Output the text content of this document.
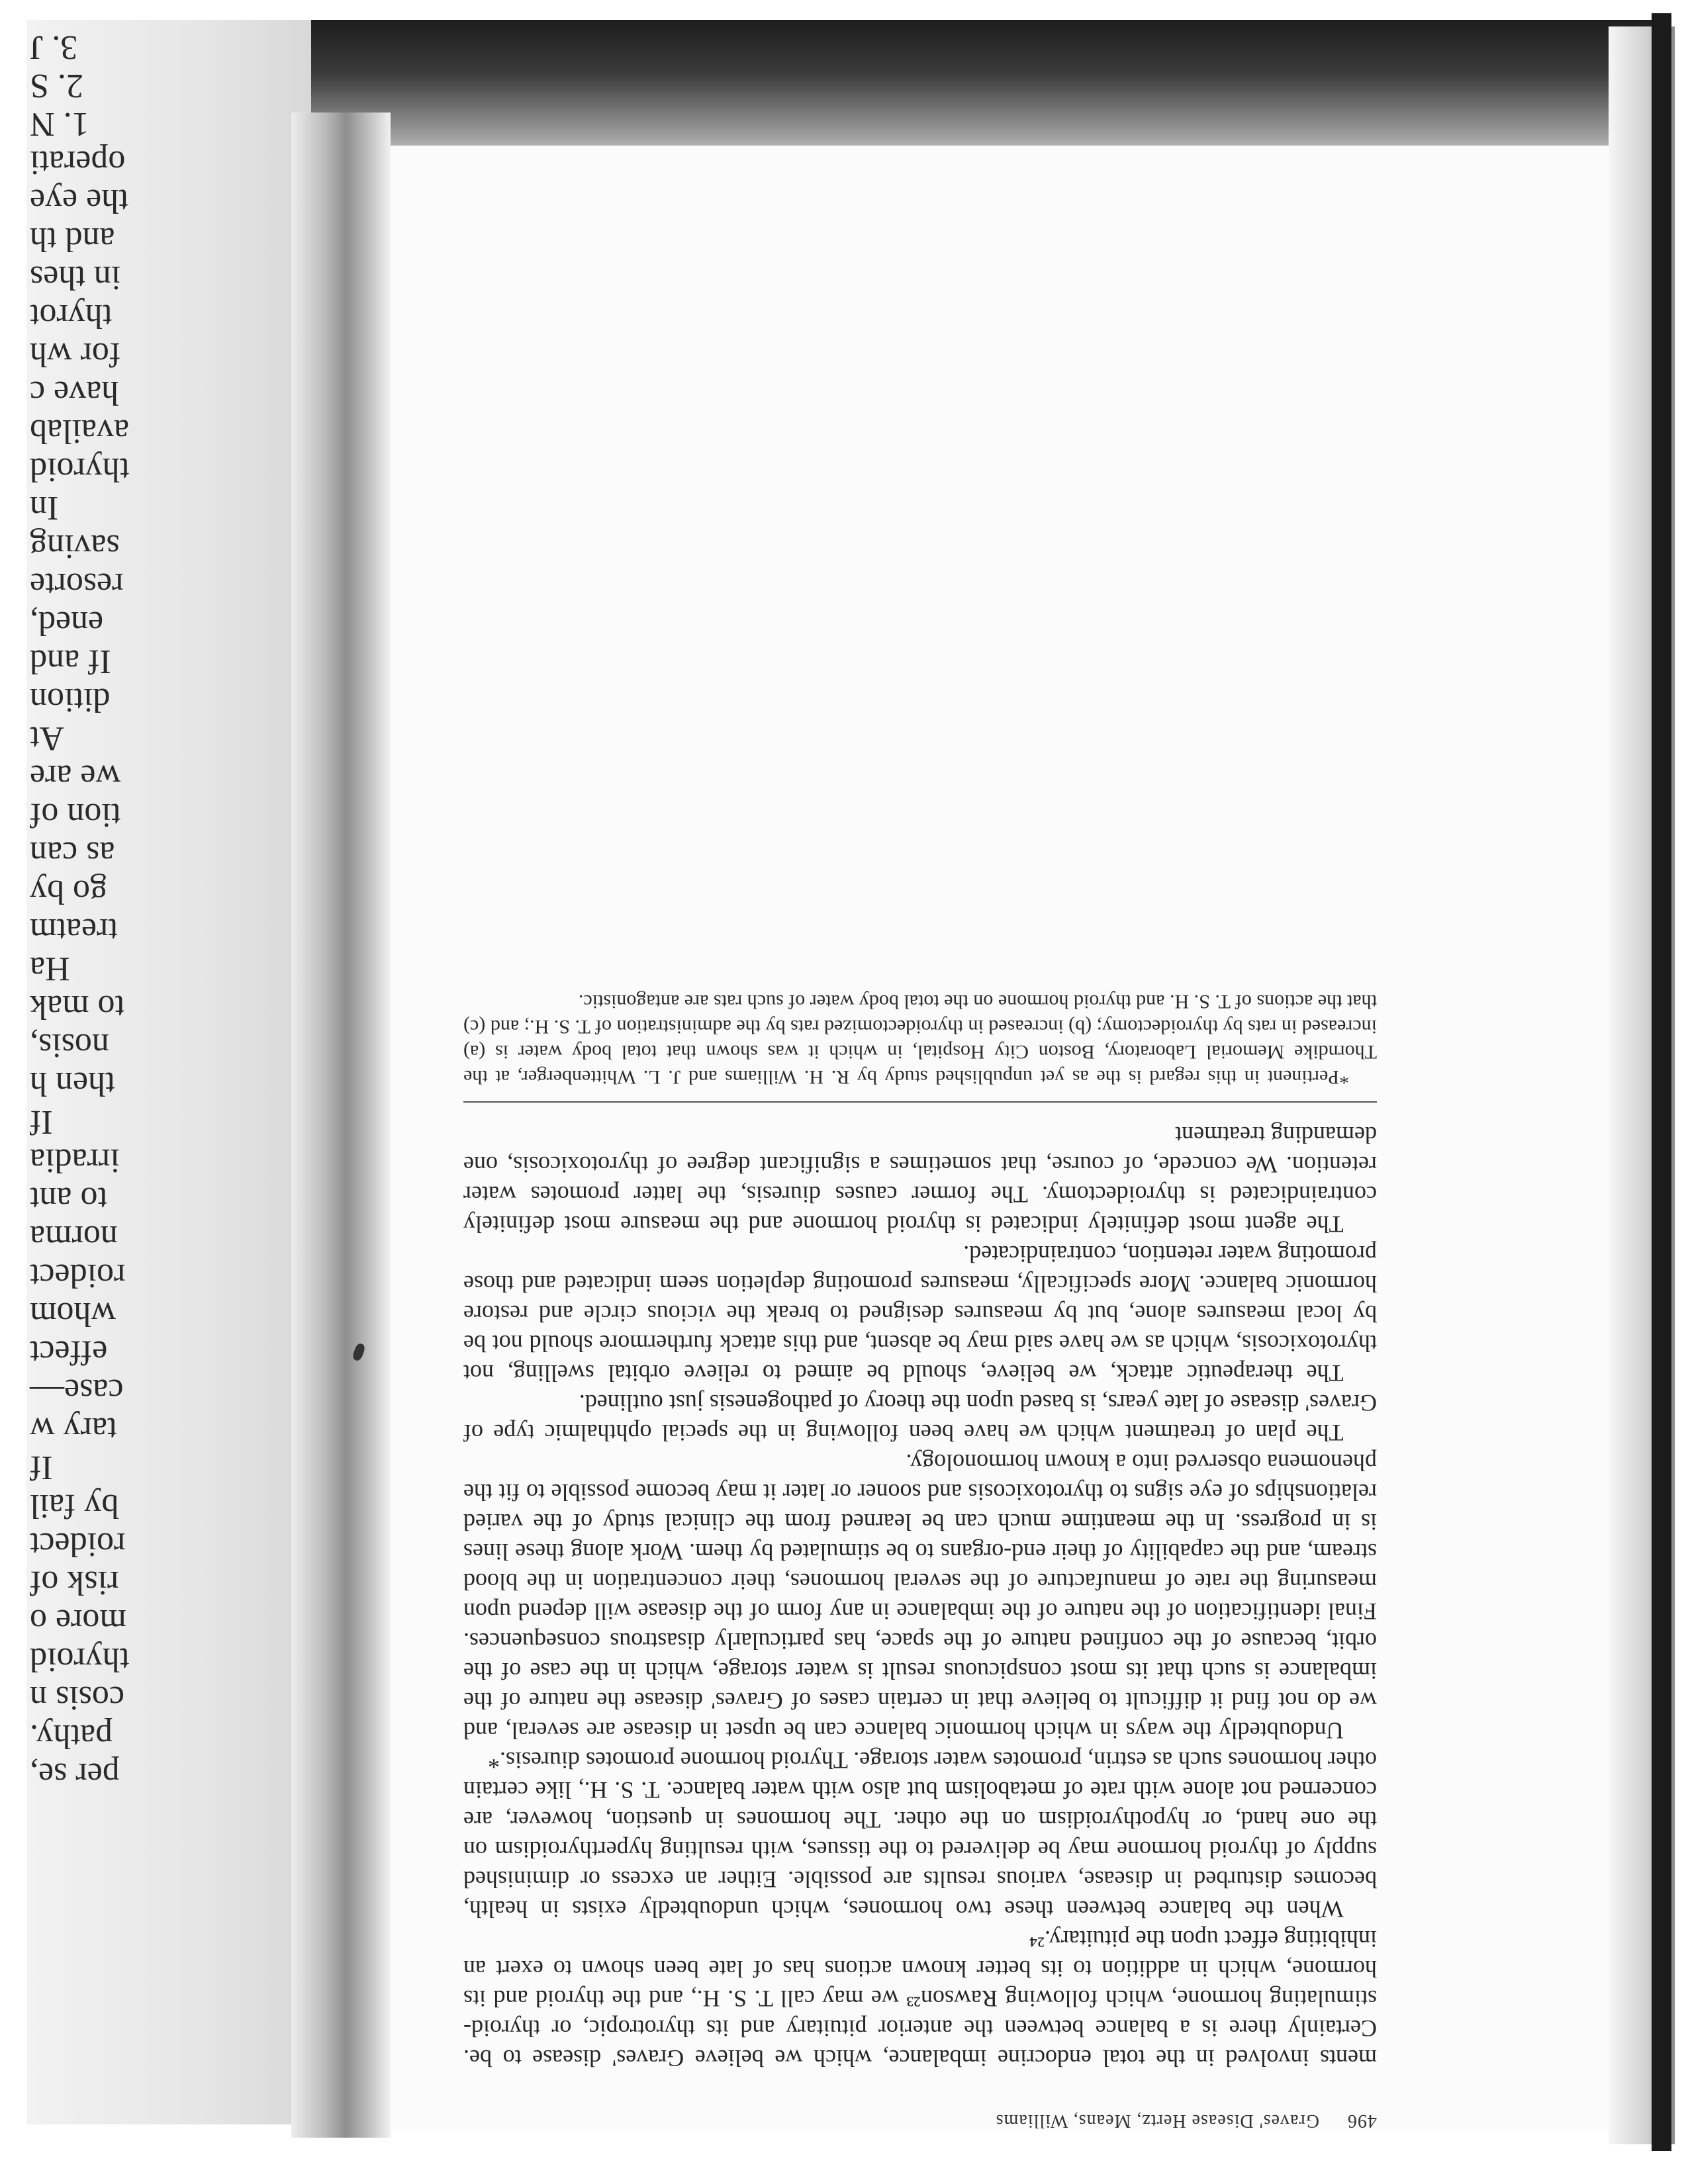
per se,
pathy.
cosis n
thyroid
more o
risk of
roidect
by fail
If
tary w
case—
effect
whom
roidect
norma
to ant
irradia
If
then h
nosis,
to mak
Ha
treatm
go by
as can
tion of
we are
At
dition
If and
ened,
resorte
saving
In
thyroid
availab
have c
for wh
thyrot
in thes
and th
the eye
operati
1. N
2. S
3. J
496 Graves' Disease Hertz, Means, Williams

ments involved in the total endocrine imbalance, which we believe Graves' disease to be. Certainly there is a balance between the anterior pituitary and its thyrotropic, or thyroid-stimulating hormone, which following Rawson²³ we may call T. S. H., and the thyroid and its hormone, which in addition to its better known actions has of late been shown to exert an inhibiting effect upon the pituitary.²⁴

When the balance between these two hormones, which undoubtedly exists in health, becomes disturbed in disease, various results are possible. Either an excess or diminished supply of thyroid hormone may be delivered to the tissues, with resulting hyperthyroidism on the one hand, or hypothyroidism on the other. The hormones in question, however, are concerned not alone with rate of metabolism but also with water balance. T. S. H., like certain other hormones such as estrin, promotes water storage. Thyroid hormone promotes diuresis.*

Undoubtedly the ways in which hormonic balance can be upset in disease are several, and we do not find it difficult to believe that in certain cases of Graves' disease the nature of the imbalance is such that its most conspicuous result is water storage, which in the case of the orbit, because of the confined nature of the space, has particularly disastrous consequences. Final identification of the nature of the imbalance in any form of the disease will depend upon measuring the rate of manufacture of the several hormones, their concentration in the blood stream, and the capability of their end-organs to be stimulated by them. Work along these lines is in progress. In the meantime much can be learned from the clinical study of the varied relationships of eye signs to thyrotoxicosis and sooner or later it may become possible to fit the phenomena observed into a known hormonology.

The plan of treatment which we have been following in the special ophthalmic type of Graves' disease of late years, is based upon the theory of pathogenesis just outlined.

The therapeutic attack, we believe, should be aimed to relieve orbital swelling, not thyrotoxicosis, which as we have said may be absent, and this attack furthermore should not be by local measures alone, but by measures designed to break the vicious circle and restore hormonic balance. More specifically, measures promoting depletion seem indicated and those promoting water retention, contraindicated.

The agent most definitely indicated is thyroid hormone and the measure most definitely contraindicated is thyroidectomy. The former causes diuresis, the latter promotes water retention. We concede, of course, that sometimes a significant degree of thyrotoxicosis, one demanding treatment

*Pertinent in this regard is the as yet unpublished study by R. H. Williams and J. L. Whittenberger, at the Thorndike Memorial Laboratory, Boston City Hospital, in which it was shown that total body water is (a) increased in rats by thyroidectomy; (b) increased in thyroidectomized rats by the administration of T. S. H.; and (c) that the actions of T. S. H. and thyroid hormone on the total body water of such rats are antagonistic.
